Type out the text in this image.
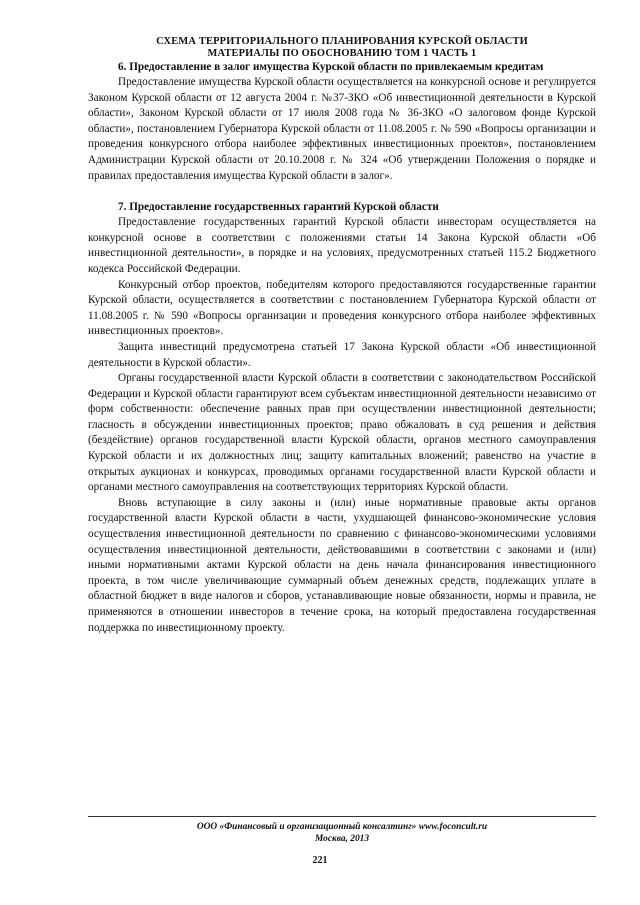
СХЕМА ТЕРРИТОРИАЛЬНОГО ПЛАНИРОВАНИЯ КУРСКОЙ ОБЛАСТИ
МАТЕРИАЛЫ ПО ОБОСНОВАНИЮ ТОМ 1 ЧАСТЬ 1
6. Предоставление в залог имущества Курской области по привлекаемым кредитам

Предоставление имущества Курской области осуществляется на конкурсной основе и регулируется Законом Курской области от 12 августа 2004 г. №37-ЗКО «Об инвестиционной деятельности в Курской области», Законом Курской области от 17 июля 2008 года № 36-ЗКО «О залоговом фонде Курской области», постановлением Губернатора Курской области от 11.08.2005 г. № 590 «Вопросы организации и проведения конкурсного отбора наиболее эффективных инвестиционных проектов», постановлением Администрации Курской области от 20.10.2008 г. № 324 «Об утверждении Положения о порядке и правилах предоставления имущества Курской области в залог».

7. Предоставление государственных гарантий Курской области

Предоставление государственных гарантий Курской области инвесторам осуществляется на конкурсной основе в соответствии с положениями статьи 14 Закона Курской области «Об инвестиционной деятельности», в порядке и на условиях, предусмотренных статьей 115.2 Бюджетного кодекса Российской Федерации.

Конкурсный отбор проектов, победителям которого предоставляются государственные гарантии Курской области, осуществляется в соответствии с постановлением Губернатора Курской области от 11.08.2005 г. № 590 «Вопросы организации и проведения конкурсного отбора наиболее эффективных инвестиционных проектов».

Защита инвестиций предусмотрена статьей 17 Закона Курской области «Об инвестиционной деятельности в Курской области».

Органы государственной власти Курской области в соответствии с законодательством Российской Федерации и Курской области гарантируют всем субъектам инвестиционной деятельности независимо от форм собственности: обеспечение равных прав при осуществлении инвестиционной деятельности; гласность в обсуждении инвестиционных проектов; право обжаловать в суд решения и действия (бездействие) органов государственной власти Курской области, органов местного самоуправления Курской области и их должностных лиц; защиту капитальных вложений; равенство на участие в открытых аукционах и конкурсах, проводимых органами государственной власти Курской области и органами местного самоуправления на соответствующих территориях Курской области.

Вновь вступающие в силу законы и (или) иные нормативные правовые акты органов государственной власти Курской области в части, ухудшающей финансово-экономические условия осуществления инвестиционной деятельности по сравнению с финансово-экономическими условиями осуществления инвестиционной деятельности, действовавшими в соответствии с законами и (или) иными нормативными актами Курской области на день начала финансирования инвестиционного проекта, в том числе увеличивающие суммарный объем денежных средств, подлежащих уплате в областной бюджет в виде налогов и сборов, устанавливающие новые обязанности, нормы и правила, не применяются в отношении инвесторов в течение срока, на который предоставлена государственная поддержка по инвестиционному проекту.

ООО «Финансовый и организационный консалтинг» www.foconcult.ru
Москва, 2013
221
